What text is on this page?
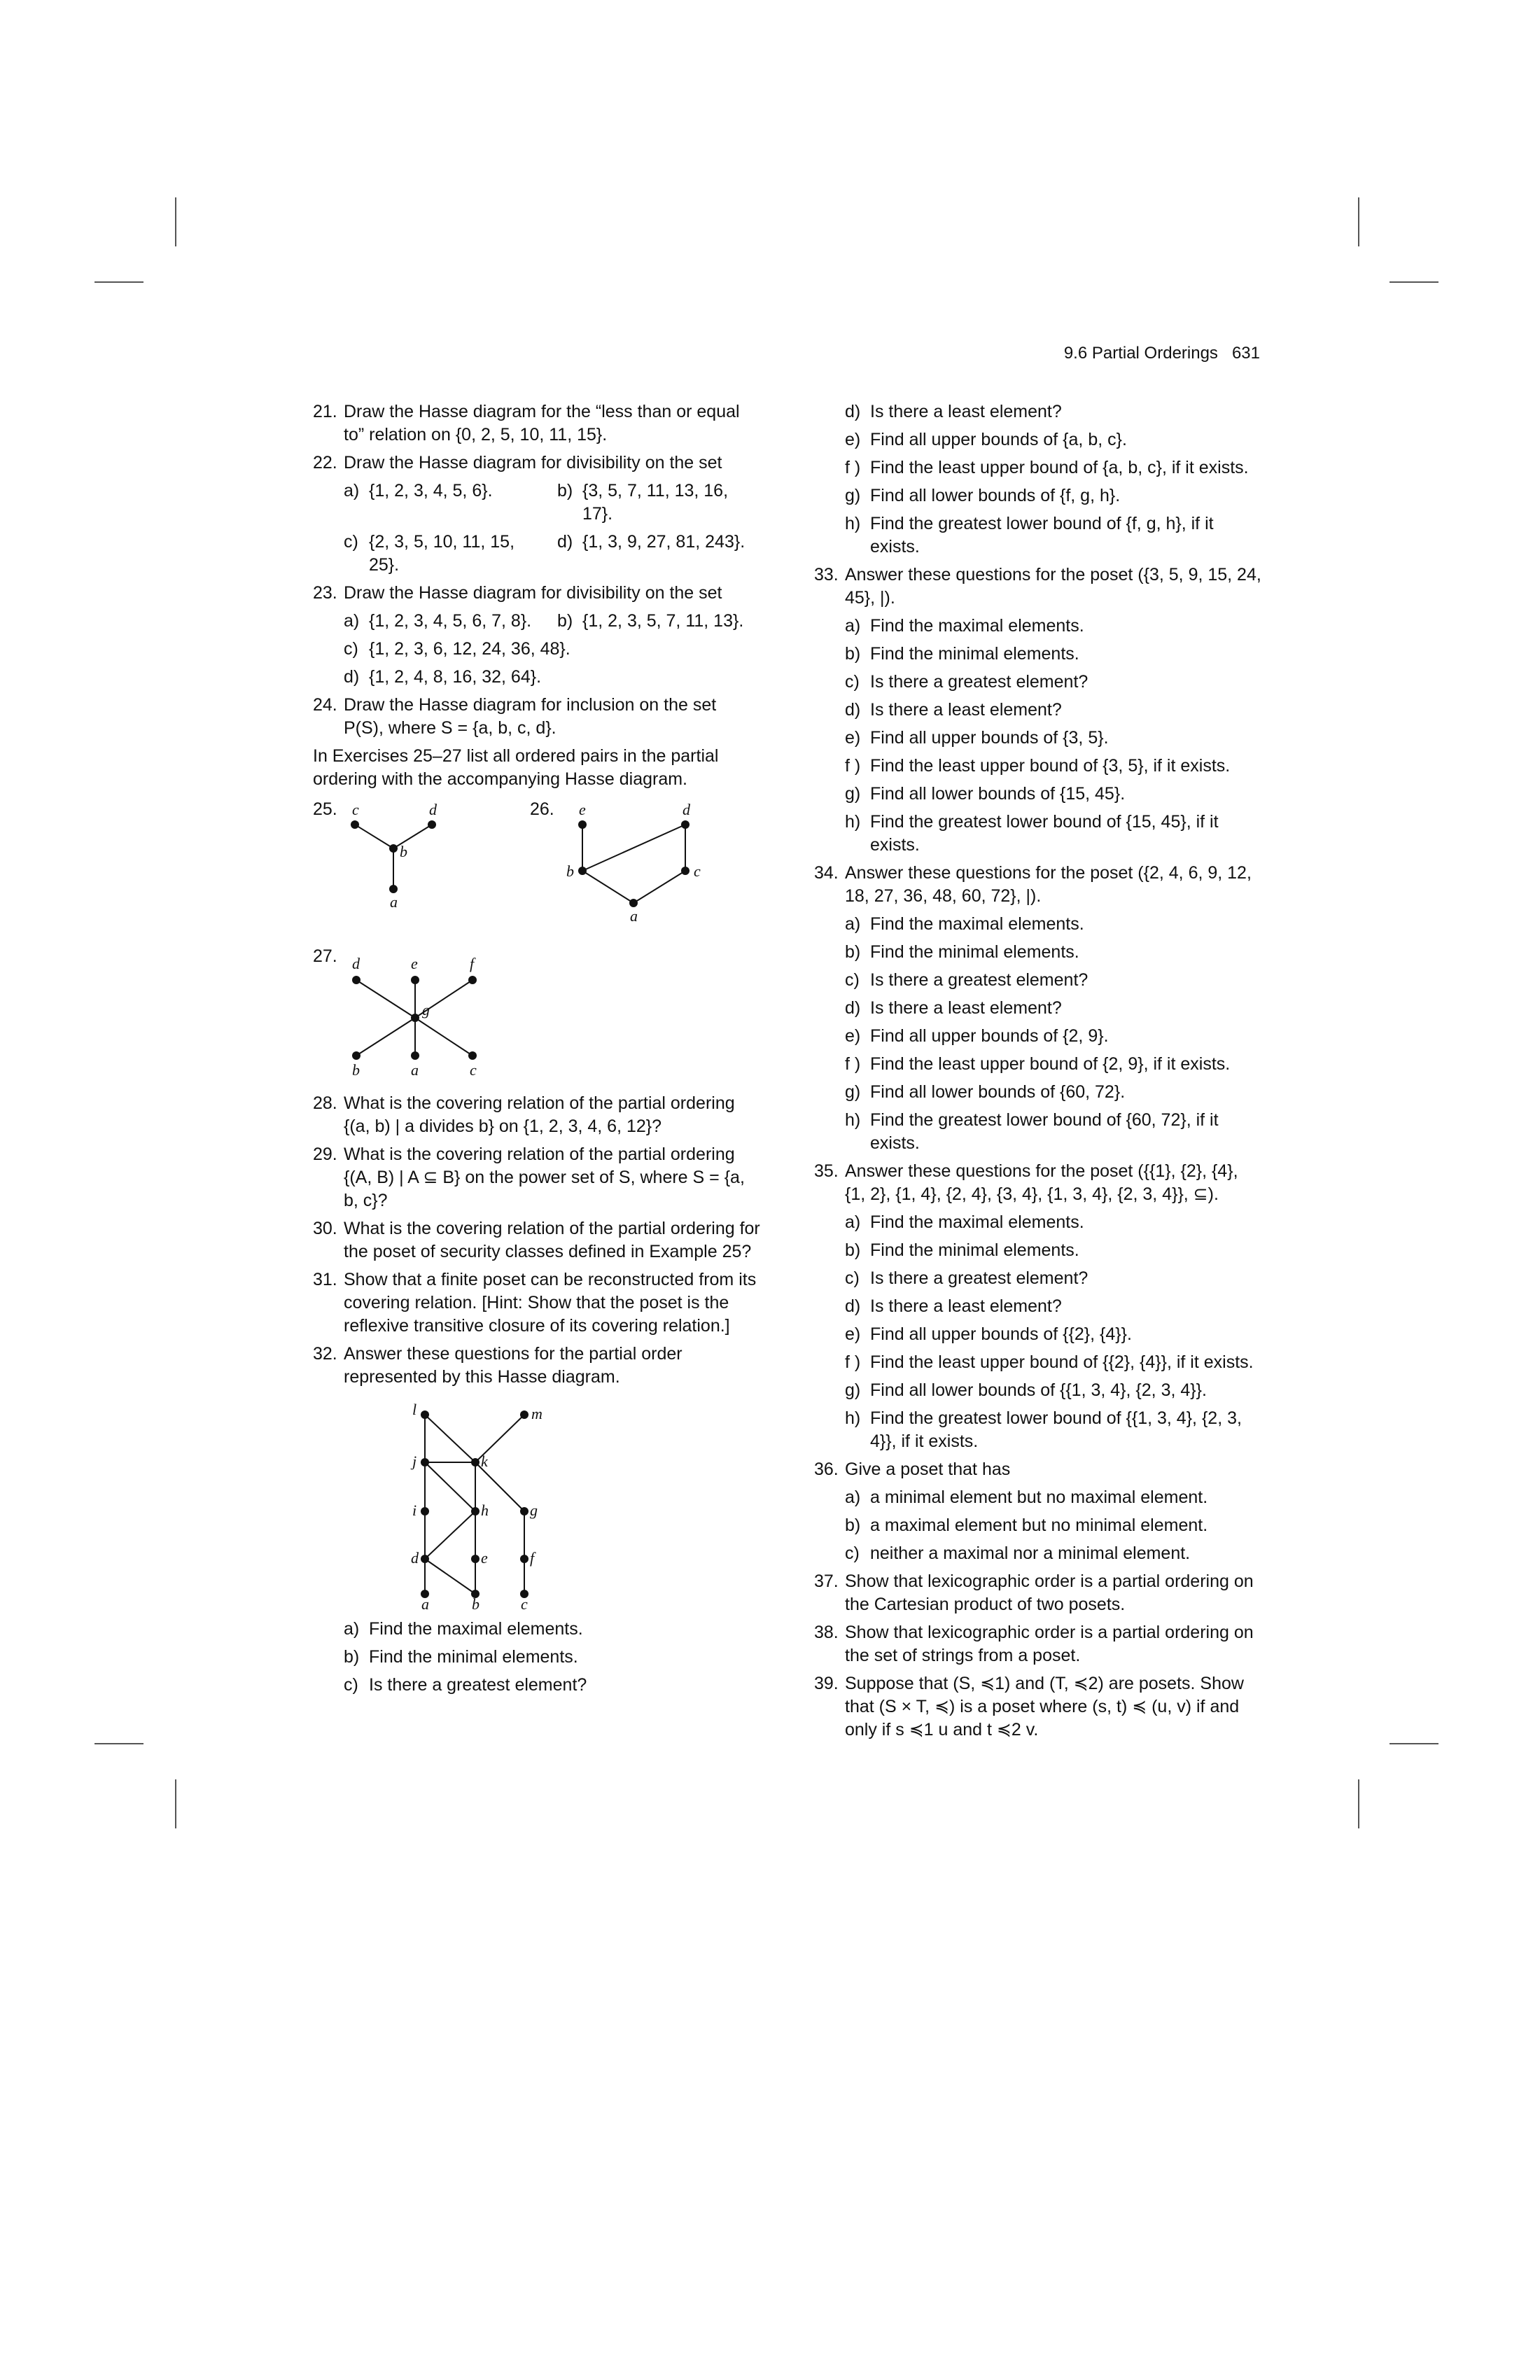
9.6 Partial Orderings 631
21. Draw the Hasse diagram for the “less than or equal to” relation on {0, 2, 5, 10, 11, 15}.
22. Draw the Hasse diagram for divisibility on the set
a) {1, 2, 3, 4, 5, 6}.	b) {3, 5, 7, 11, 13, 16, 17}.
c) {2, 3, 5, 10, 11, 15, 25}.
d) {1, 3, 9, 27, 81, 243}.
23. Draw the Hasse diagram for divisibility on the set
a) {1, 2, 3, 4, 5, 6, 7, 8}.	b) {1, 2, 3, 5, 7, 11, 13}.
c) {1, 2, 3, 6, 12, 24, 36, 48}.
d) {1, 2, 4, 8, 16, 32, 64}.
24. Draw the Hasse diagram for inclusion on the set P(S), where S = {a, b, c, d}.
In Exercises 25–27 list all ordered pairs in the partial ordering with the accompanying Hasse diagram.
25. c	d
b
a
26. e	d
b	c
a
27. d	e	f
g
b	a	c
28. What is the covering relation of the partial ordering {(a, b) | a divides b} on {1, 2, 3, 4, 6, 12}?
29. What is the covering relation of the partial ordering {(A, B) | A ⊆ B} on the power set of S, where S = {a, b, c}?
30. What is the covering relation of the partial ordering for the poset of security classes defined in Example 25?
31. Show that a finite poset can be reconstructed from its covering relation. [Hint: Show that the poset is the reflexive transitive closure of its covering relation.]
32. Answer these questions for the partial order represented by this Hasse diagram.
l	m
j	k
i	h	g
d	e	f
a	b	c
a) Find the maximal elements.
b) Find the minimal elements.
c) Is there a greatest element?
d) Is there a least element?
e) Find all upper bounds of {a, b, c}.
f ) Find the least upper bound of {a, b, c}, if it exists.
g) Find all lower bounds of {f, g, h}.
h) Find the greatest lower bound of {f, g, h}, if it exists.
33. Answer these questions for the poset ({3, 5, 9, 15, 24, 45}, |).
a) Find the maximal elements.
b) Find the minimal elements.
c) Is there a greatest element?
d) Is there a least element?
e) Find all upper bounds of {3, 5}.
f ) Find the least upper bound of {3, 5}, if it exists.
g) Find all lower bounds of {15, 45}.
h) Find the greatest lower bound of {15, 45}, if it exists.
34. Answer these questions for the poset ({2, 4, 6, 9, 12, 18, 27, 36, 48, 60, 72}, |).
a) Find the maximal elements.
b) Find the minimal elements.
c) Is there a greatest element?
d) Is there a least element?
e) Find all upper bounds of {2, 9}.
f ) Find the least upper bound of {2, 9}, if it exists.
g) Find all lower bounds of {60, 72}.
h) Find the greatest lower bound of {60, 72}, if it exists.
35. Answer these questions for the poset ({{1}, {2}, {4}, {1, 2}, {1, 4}, {2, 4}, {3, 4}, {1, 3, 4}, {2, 3, 4}}, ⊆).
a) Find the maximal elements.
b) Find the minimal elements.
c) Is there a greatest element?
d) Is there a least element?
e) Find all upper bounds of {{2}, {4}}.
f ) Find the least upper bound of {{2}, {4}}, if it exists.
g) Find all lower bounds of {{1, 3, 4}, {2, 3, 4}}.
h) Find the greatest lower bound of {{1, 3, 4}, {2, 3, 4}}, if it exists.
36. Give a poset that has
a) a minimal element but no maximal element.
b) a maximal element but no minimal element.
c) neither a maximal nor a minimal element.
37. Show that lexicographic order is a partial ordering on the Cartesian product of two posets.
38. Show that lexicographic order is a partial ordering on the set of strings from a poset.
39. Suppose that (S, ≼1) and (T, ≼2) are posets. Show that (S × T, ≼) is a poset where (s, t) ≼ (u, v) if and only if s ≼1 u and t ≼2 v.
